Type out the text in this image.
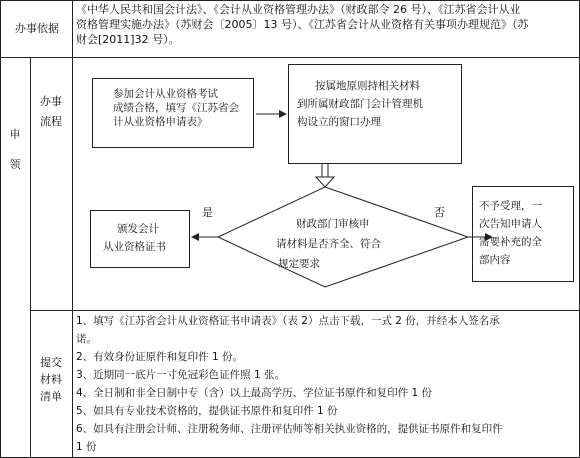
办事依据
《中华人民共和国会计法》、《会计从业资格管理办法》（财政部令 26 号）、《江苏省会计从业
资格管理实施办法》（苏财会〔2005〕13 号）、《江苏省会计从业资格有关事项办理规范》（苏
财会[2011]32 号）。
申
领
办事
流程
参加会计从业资格考试
成绩合格，填写《江苏省会
计从业资格申请表》
按属地原则持相关材料
到所属财政部门会计管理机
构设立的窗口办理
财政部门审核申
请材料是否齐全、符合
规定要求
是	否
颁发会计
从业资格证书
不予受理，一
次告知申请人
需要补充的全
部内容
提交
材料
清单
1、填写《江苏省会计从业资格证书申请表》（表 2）点击下载，一式 2 份，并经本人签名承
诺。
2、有效身份证原件和复印件 1 份。
3、近期同一底片一寸免冠彩色证件照 1 张。
4、全日制和非全日制中专（含）以上最高学历、学位证书原件和复印件 1 份
5、如具有专业技术资格的，提供证书原件和复印件 1 份
6、如具有注册会计师、注册税务师、注册评估师等相关执业资格的，提供证书原件和复印件
1 份
